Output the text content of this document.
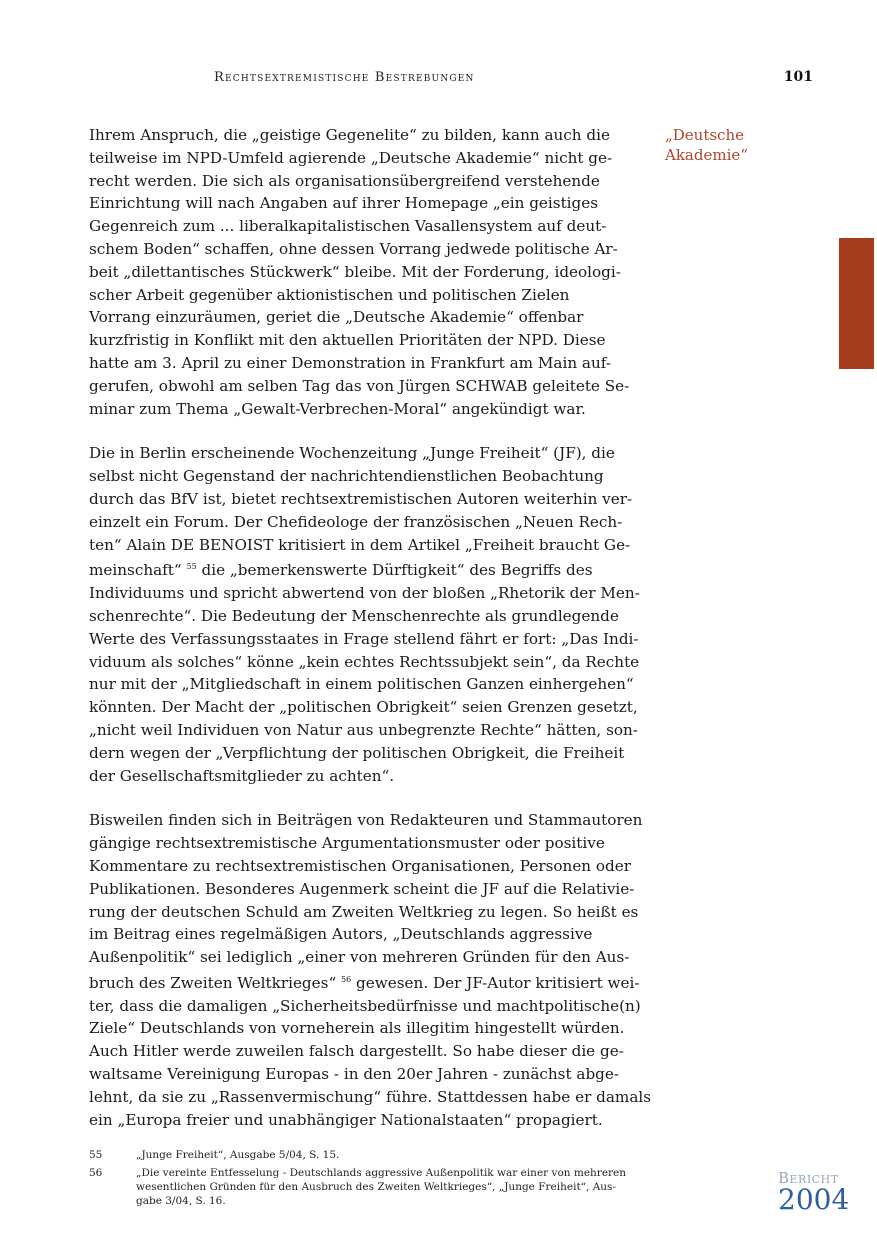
Rechtsextremistische Bestrebungen	101
„Deutsche
Akademie“

Ihrem Anspruch, die „geistige Gegenelite“ zu bilden, kann auch die
teilweise im NPD-Umfeld agierende „Deutsche Akademie“ nicht ge-
recht werden. Die sich als organisationsübergreifend verstehende
Einrichtung will nach Angaben auf ihrer Homepage „ein geistiges
Gegenreich zum ... liberalkapitalistischen Vasallensystem auf deut-
schem Boden“ schaffen, ohne dessen Vorrang jedwede politische Ar-
beit „dilettantisches Stückwerk“ bleibe. Mit der Forderung, ideologi-
scher Arbeit gegenüber aktionistischen und politischen Zielen
Vorrang einzuräumen, geriet die „Deutsche Akademie“ offenbar
kurzfristig in Konflikt mit den aktuellen Prioritäten der NPD. Diese
hatte am 3. April zu einer Demonstration in Frankfurt am Main auf-
gerufen, obwohl am selben Tag das von Jürgen SCHWAB geleitete Se-
minar zum Thema „Gewalt-Verbrechen-Moral“ angekündigt war.

Die in Berlin erscheinende Wochenzeitung „Junge Freiheit“ (JF), die
selbst nicht Gegenstand der nachrichtendienstlichen Beobachtung
durch das BfV ist, bietet rechtsextremistischen Autoren weiterhin ver-
einzelt ein Forum. Der Chefideologe der französischen „Neuen Rech-
ten“ Alain DE BENOIST kritisiert in dem Artikel „Freiheit braucht Ge-
meinschaft“ $^{55}$ die „bemerkenswerte Dürftigkeit“ des Begriffs des
Individuums und spricht abwertend von der bloßen „Rhetorik der Men-
schenrechte“. Die Bedeutung der Menschenrechte als grundlegende
Werte des Verfassungsstaates in Frage stellend fährt er fort: „Das Indi-
viduum als solches“ könne „kein echtes Rechtssubjekt sein“, da Rechte
nur mit der „Mitgliedschaft in einem politischen Ganzen einhergehen“
könnten. Der Macht der „politischen Obrigkeit“ seien Grenzen gesetzt,
„nicht weil Individuen von Natur aus unbegrenzte Rechte“ hätten, son-
dern wegen der „Verpflichtung der politischen Obrigkeit, die Freiheit
der Gesellschaftsmitglieder zu achten“.

Bisweilen finden sich in Beiträgen von Redakteuren und Stammautoren
gängige rechtsextremistische Argumentationsmuster oder positive
Kommentare zu rechtsextremistischen Organisationen, Personen oder
Publikationen. Besonderes Augenmerk scheint die JF auf die Relativie-
rung der deutschen Schuld am Zweiten Weltkrieg zu legen. So heißt es
im Beitrag eines regelmäßigen Autors, „Deutschlands aggressive
Außenpolitik“ sei lediglich „einer von mehreren Gründen für den Aus-
bruch des Zweiten Weltkrieges“ $^{56}$ gewesen. Der JF-Autor kritisiert wei-
ter, dass die damaligen „Sicherheitsbedürfnisse und machtpolitische(n)
Ziele“ Deutschlands von vorneherein als illegitim hingestellt würden.
Auch Hitler werde zuweilen falsch dargestellt. So habe dieser die ge-
waltsame Vereinigung Europas - in den 20er Jahren - zunächst abge-
lehnt, da sie zu „Rassenvermischung“ führe. Stattdessen habe er damals
ein „Europa freier und unabhängiger Nationalstaaten“ propagiert.

55	„Junge Freiheit“, Ausgabe 5/04, S. 15.
56	„Die vereinte Entfesselung - Deutschlands aggressive Außenpolitik war einer von mehreren
wesentlichen Gründen für den Ausbruch des Zweiten Weltkrieges“, „Junge Freiheit“, Aus-
gabe 3/04, S. 16.
Bericht
2004
